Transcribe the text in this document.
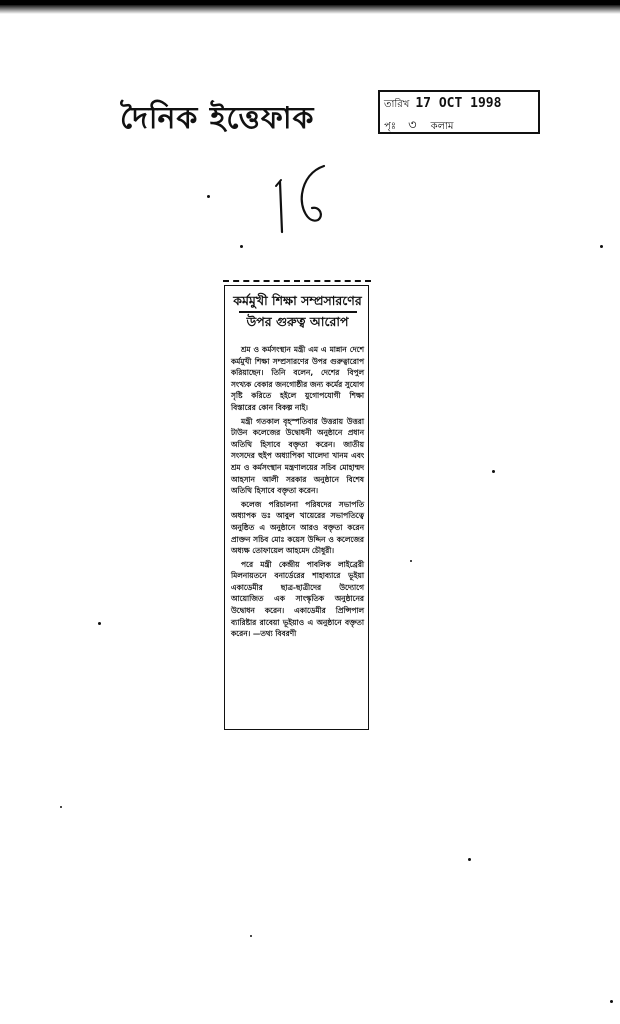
দৈনিক ইত্তেফাক	তারিখ 17 OCT 1998
পৃঃ ৩ কলাম
কর্মমুখী শিক্ষা সম্প্রসারণের
উপর গুরুত্ব আরোপ

শ্রম ও কর্মসংস্থান মন্ত্রী এম এ মান্নান দেশে কর্মমুখী শিক্ষা সম্প্রসারণের উপর গুরুত্বারোপ করিয়াছেন। তিনি বলেন, দেশের বিপুল সংখ্যক বেকার জনগোষ্ঠীর জন্য কর্মের সুযোগ সৃষ্টি করিতে হইলে যুগোপযোগী শিক্ষা বিস্তারের কোন বিকল্প নাই।

মন্ত্রী গতকাল বৃহস্পতিবার উত্তরায় উত্তরা টাউন কলেজের উদ্বোধনী অনুষ্ঠানে প্রধান অতিথি হিসাবে বক্তৃতা করেন। জাতীয় সংসদের হুইপ অধ্যাপিকা খালেদা খানম এবং শ্রম ও কর্মসংস্থান মন্ত্রণালয়ের সচিব মোহাম্মদ আহসান আলী সরকার অনুষ্ঠানে বিশেষ অতিথি হিসাবে বক্তৃতা করেন।

কলেজ পরিচালনা পরিষদের সভাপতি অধ্যাপক ডঃ আবুল খায়েরের সভাপতিত্বে অনুষ্ঠিত এ অনুষ্ঠানে আরও বক্তৃতা করেন প্রাক্তন সচিব মোঃ কয়েস উদ্দিন ও কলেজের অধ্যক্ষ তোফায়েল আহমেদ চৌধুরী।

পরে মন্ত্রী কেন্দ্রীয় পাবলিক লাইব্রেরী মিলনায়তনে বনার্ডেরের শাহাব্যারে ভূইয়া একাডেমীর ছাত্র-ছাত্রীদের উদ্যোগে আয়োজিত এক সাংস্কৃতিক অনুষ্ঠানের উদ্বোধন করেন। একাডেমীর প্রিন্সিপাল ব্যারিষ্টার রাবেয়া ভূইয়াও এ অনুষ্ঠানে বক্তৃতা করেন। —তথ্য বিবরণী
